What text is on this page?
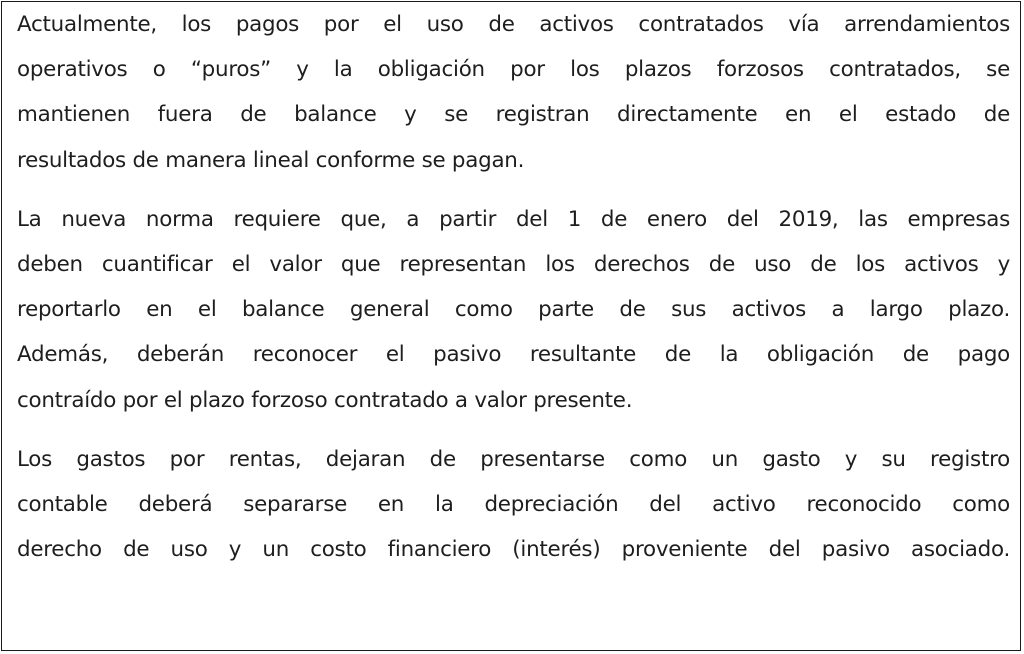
Actualmente, los pagos por el uso de activos contratados vía arrendamientos
operativos o “puros” y la obligación por los plazos forzosos contratados, se
mantienen fuera de balance y se registran directamente en el estado de
resultados de manera lineal conforme se pagan.

La nueva norma requiere que, a partir del 1 de enero del 2019, las empresas
deben cuantificar el valor que representan los derechos de uso de los activos y
reportarlo en el balance general como parte de sus activos a largo plazo.
Además, deberán reconocer el pasivo resultante de la obligación de pago
contraído por el plazo forzoso contratado a valor presente.

Los gastos por rentas, dejaran de presentarse como un gasto y su registro
contable deberá separarse en la depreciación del activo reconocido como
derecho de uso y un costo financiero (interés) proveniente del pasivo asociado.
